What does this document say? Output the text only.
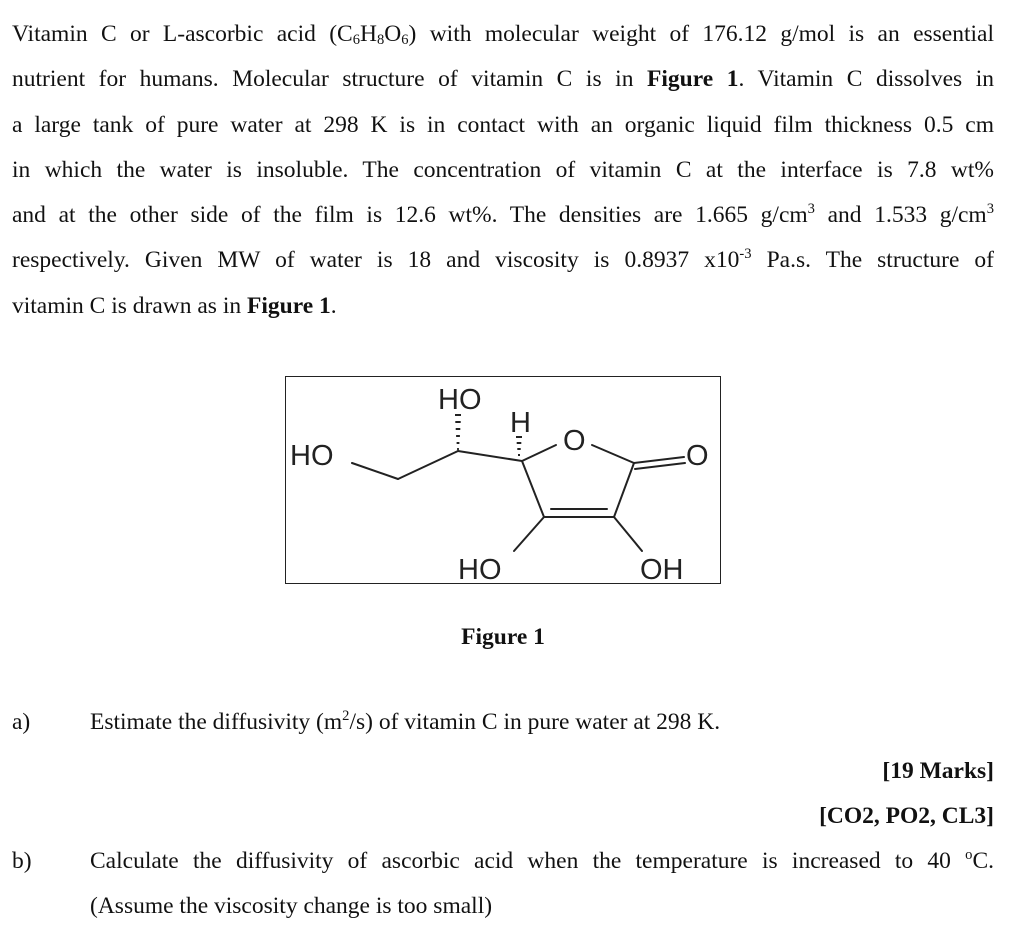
Vitamin C or L-ascorbic acid $(C_6H_8O_6)$ with molecular weight of 176.12 g/mol is an essential
nutrient for humans. Molecular structure of vitamin C is in Figure 1. Vitamin C dissolves in
a large tank of pure water at 298 K is in contact with an organic liquid film thickness 0.5 cm
in which the water is insoluble. The concentration of vitamin C at the interface is 7.8 wt%
and at the other side of the film is 12.6 wt%. The densities are 1.665 $g/cm^3$ and 1.533 $g/cm^3$
respectively. Given MW of water is 18 and viscosity is 0.8937 $x10^{-3}$ Pa.s. The structure of
vitamin C is drawn as in Figure 1.
HO
H
O	O
HO
HO	OH
Figure 1
a)	Estimate the diffusivity $(m^2/s)$ of vitamin C in pure water at 298 K.
[19 Marks]
[CO2, PO2, CL3]
b) Calculate the diffusivity of ascorbic acid when the temperature is increased to 40 $^o$C.
(Assume the viscosity change is too small)
